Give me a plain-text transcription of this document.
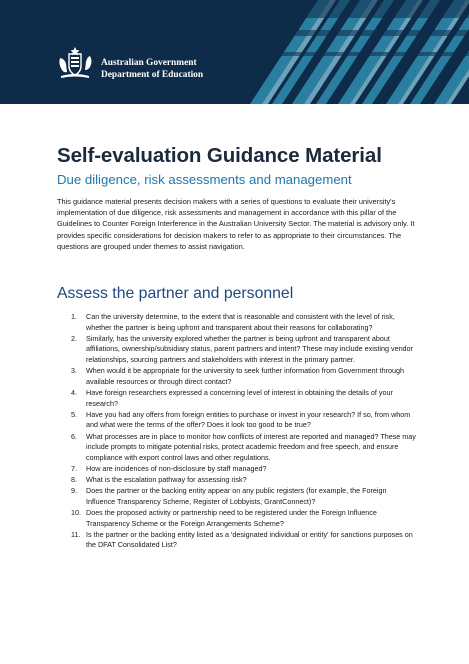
Australian Government
Department of Education
Self-evaluation Guidance Material
Due diligence, risk assessments and management

This guidance material presents decision makers with a series of questions to evaluate their university's implementation of due diligence, risk assessments and management in accordance with this pillar of the Guidelines to Counter Foreign Interference in the Australian University Sector. The material is advisory only. It provides specific considerations for decision makers to refer to as appropriate to their circumstances. The questions are grouped under themes to assist navigation.

Assess the partner and personnel
1. Can the university determine, to the extent that is reasonable and consistent with the level of risk, whether the partner is being upfront and transparent about their reasons for collaborating?
2. Similarly, has the university explored whether the partner is being upfront and transparent about affiliations, ownership/subsidiary status, parent partners and intent? These may include existing vendor relationships, sourcing partners and stakeholders with interest in the primary partner.
3. When would it be appropriate for the university to seek further information from Government through available resources or through direct contact?
4. Have foreign researchers expressed a concerning level of interest in obtaining the details of your research?
5. Have you had any offers from foreign entities to purchase or invest in your research? If so, from whom and what were the terms of the offer? Does it look too good to be true?
6. What processes are in place to monitor how conflicts of interest are reported and managed? These may include prompts to mitigate potential risks, protect academic freedom and free speech, and ensure compliance with export control laws and other regulations.
7. How are incidences of non-disclosure by staff managed?
8. What is the escalation pathway for assessing risk?
9. Does the partner or the backing entity appear on any public registers (for example, the Foreign Influence Transparency Scheme, Register of Lobbyists, GrantConnect)?
10. Does the proposed activity or partnership need to be registered under the Foreign Influence Transparency Scheme or the Foreign Arrangements Scheme?
11. Is the partner or the backing entity listed as a 'designated individual or entity' for sanctions purposes on the DFAT Consolidated List?
